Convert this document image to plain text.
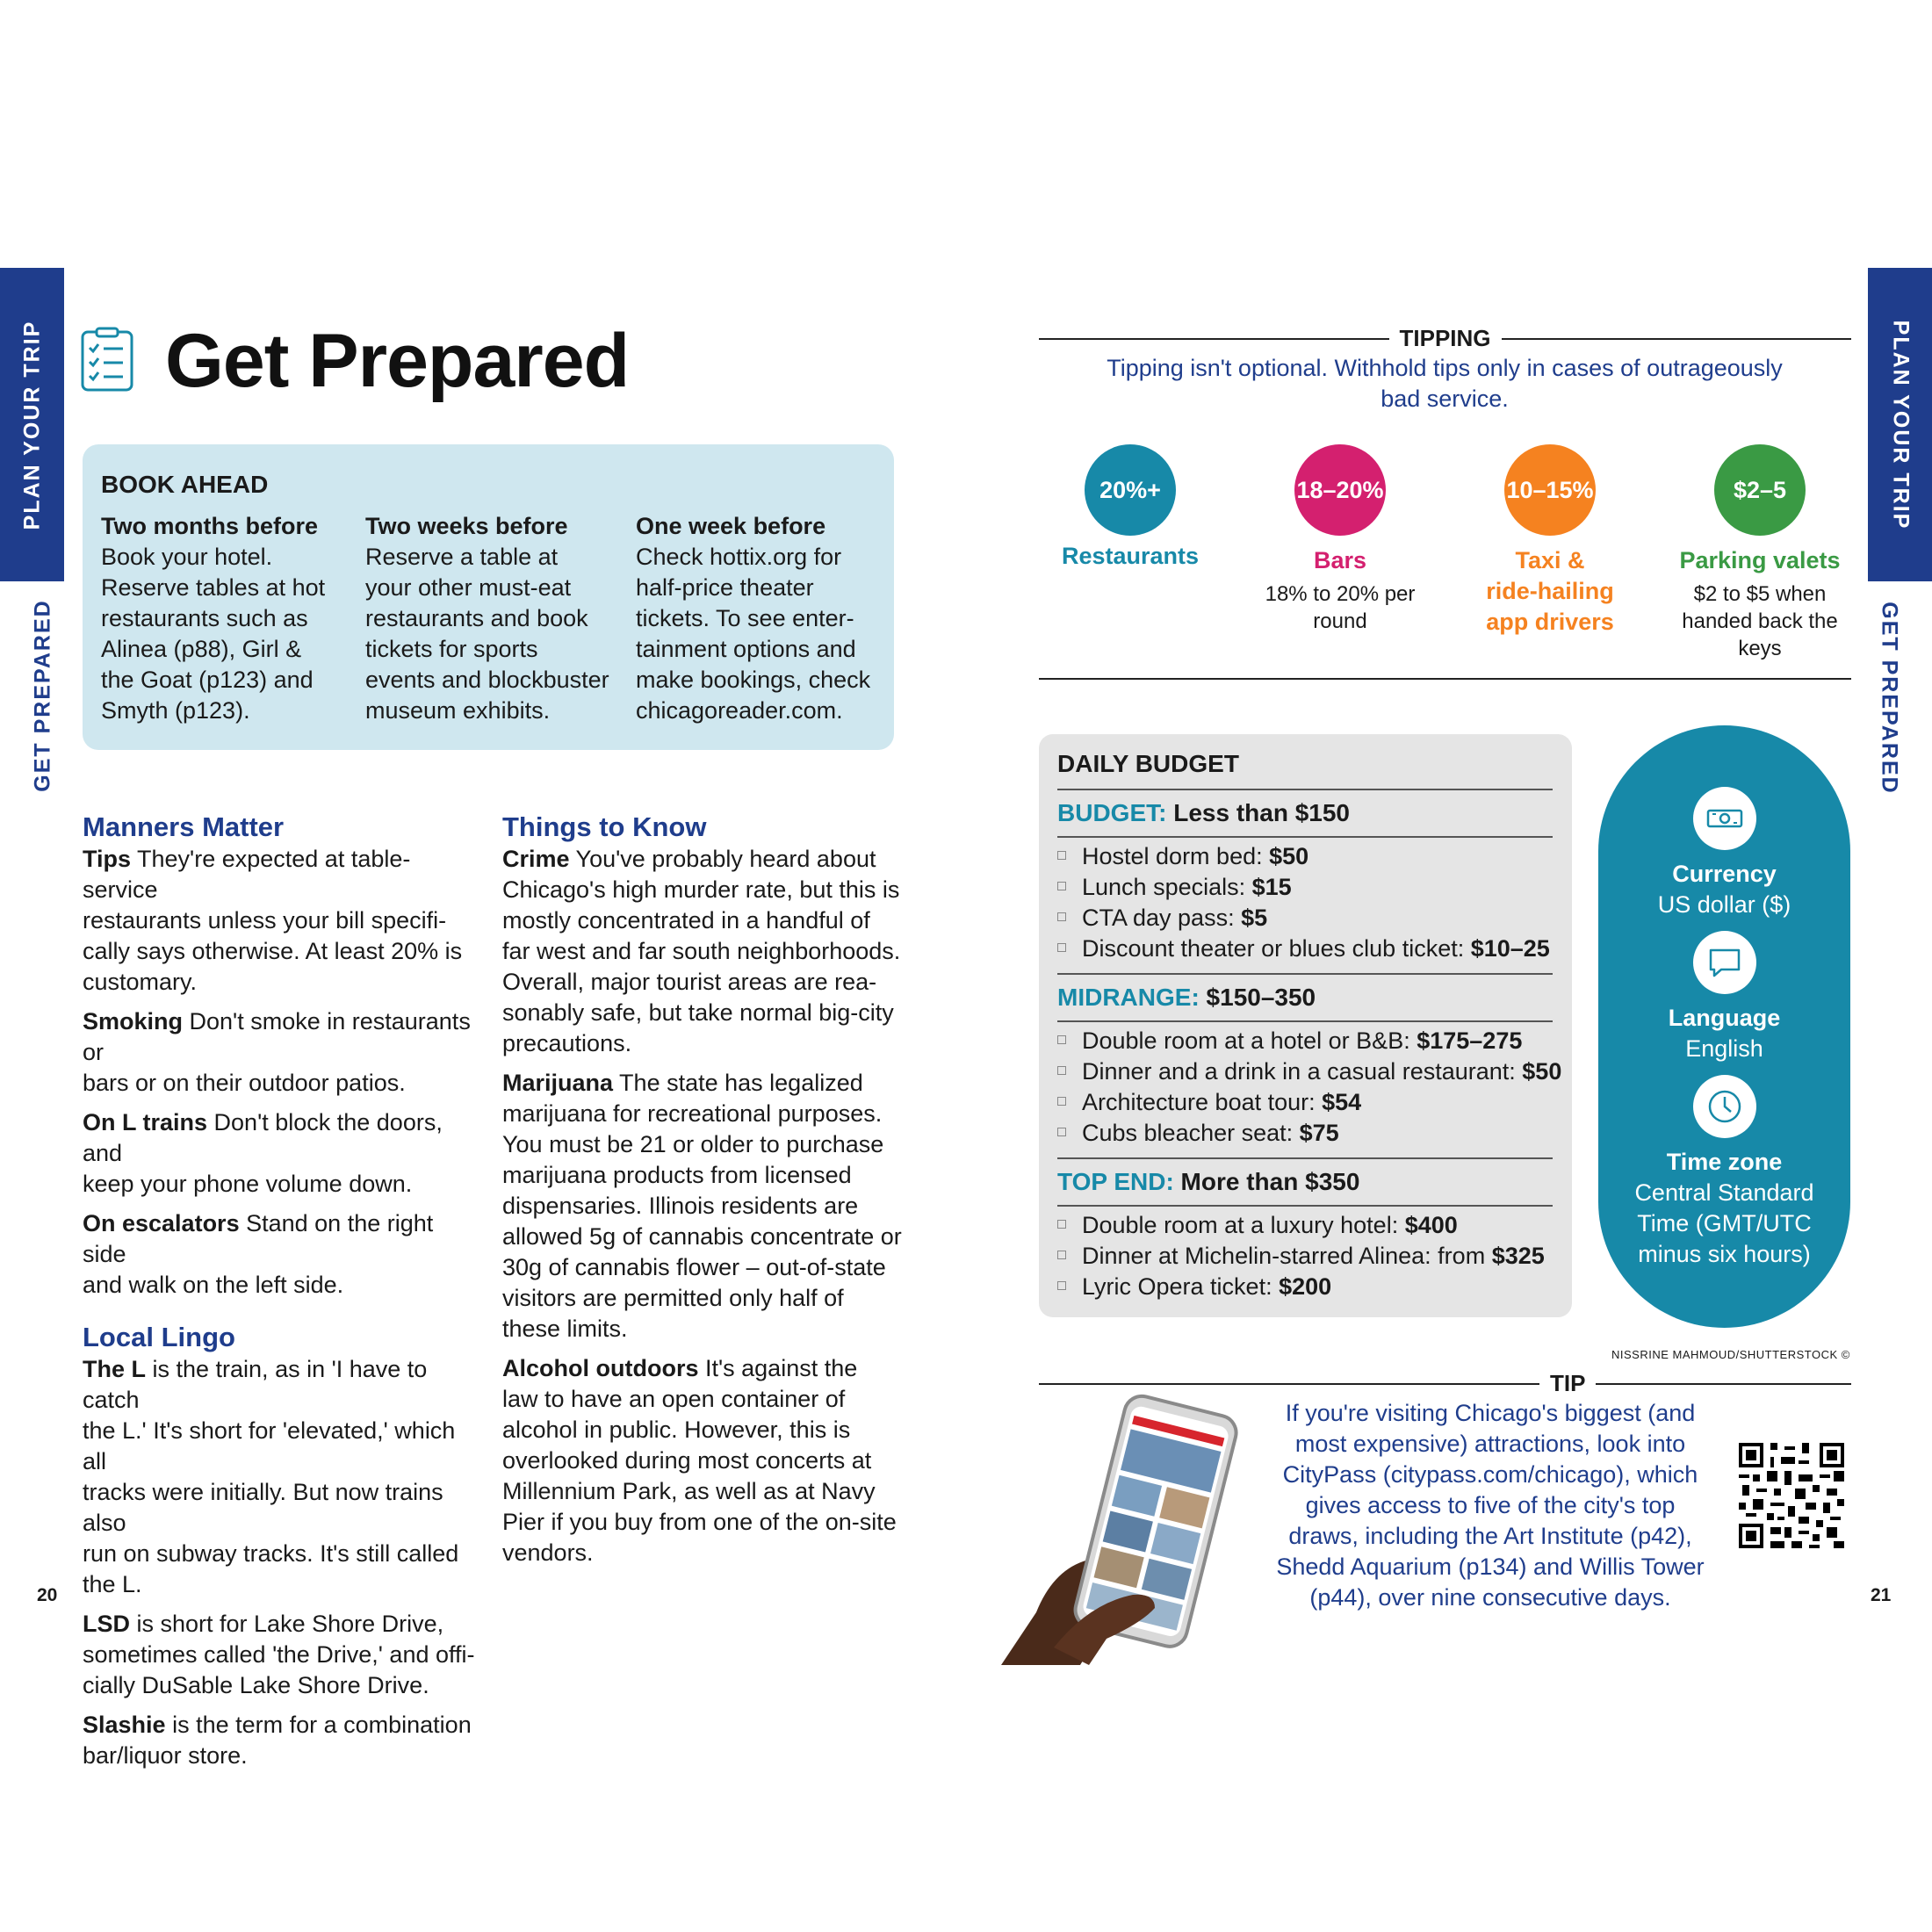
PLAN YOUR TRIP
GET PREPARED
PLAN YOUR TRIP
GET PREPARED
20	21
Get Prepared
BOOK AHEAD
Two months before
Book your hotel.
Reserve tables at hot
restaurants such as
Alinea (p88), Girl &
the Goat (p123) and
Smyth (p123).
Two weeks before
Reserve a table at
your other must-eat
restaurants and book
tickets for sports
events and blockbuster
museum exhibits.
One week before
Check hottix.org for
half-price theater
tickets. To see enter-
tainment options and
make bookings, check
chicagoreader.com.
Manners Matter

Tips They're expected at table-service
restaurants unless your bill specifi-
cally says otherwise. At least 20% is
customary.

Smoking Don't smoke in restaurants or
bars or on their outdoor patios.

On L trains Don't block the doors, and
keep your phone volume down.

On escalators Stand on the right side
and walk on the left side.

Local Lingo

The L is the train, as in 'I have to catch
the L.' It's short for 'elevated,' which all
tracks were initially. But now trains also
run on subway tracks. It's still called
the L.

LSD is short for Lake Shore Drive,
sometimes called 'the Drive,' and offi-
cially DuSable Lake Shore Drive.

Slashie is the term for a combination
bar/liquor store.

Things to Know

Crime You've probably heard about
Chicago's high murder rate, but this is
mostly concentrated in a handful of
far west and far south neighborhoods.
Overall, major tourist areas are rea-
sonably safe, but take normal big-city
precautions.

Marijuana The state has legalized
marijuana for recreational purposes.
You must be 21 or older to purchase
marijuana products from licensed
dispensaries. Illinois residents are
allowed 5g of cannabis concentrate or
30g of cannabis flower – out-of-state
visitors are permitted only half of
these limits.

Alcohol outdoors It's against the
law to have an open container of
alcohol in public. However, this is
overlooked during most concerts at
Millennium Park, as well as at Navy
Pier if you buy from one of the on-site
vendors.

TIPPING
Tipping isn't optional. Withhold tips only in cases of outrageously
bad service.
20%+
Restaurants
18–20%
Bars
18% to 20% per
round
10–15%
Taxi &
ride-hailing
app drivers
$2–5
Parking valets
$2 to $5 when
handed back the
keys
DAILY BUDGET
BUDGET: Less than $150
Hostel dorm bed: $50
Lunch specials: $15
CTA day pass: $5
Discount theater or blues club ticket: $10–25
MIDRANGE: $150–350
Double room at a hotel or B&B: $175–275
Dinner and a drink in a casual restaurant: $50
Architecture boat tour: $54
Cubs bleacher seat: $75
TOP END: More than $350
Double room at a luxury hotel: $400
Dinner at Michelin-starred Alinea: from $325
Lyric Opera ticket: $200
Currency
US dollar ($)
Language
English
Time zone
Central Standard
Time (GMT/UTC
minus six hours)
NISSRINE MAHMOUD/SHUTTERSTOCK ©
TIP
If you're visiting Chicago's biggest (and
most expensive) attractions, look into
CityPass (citypass.com/chicago), which
gives access to five of the city's top
draws, including the Art Institute (p42),
Shedd Aquarium (p134) and Willis Tower
(p44), over nine consecutive days.
